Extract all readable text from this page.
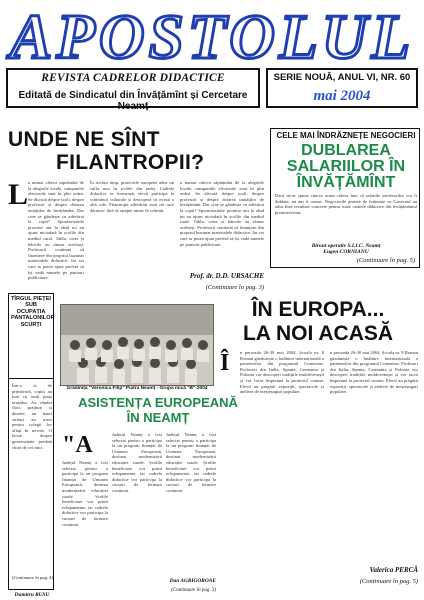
APOSTOLUL
REVISTA CADRELOR DIDACTICE
Editată de Sindicatul din Învățămînt și Cercetare Neamț
SERIE NOUĂ, ANUL VI, NR. 60
mai 2004
UNDE NE SÎNT
FILANTROPII?
L a numai câteva săptămâni de la alegerile locale, campaniile electorale sunt în plin avânt. Se discută despre școli, despre profesori și despre dotarea unităților de învățământ. Dar cine se gândește cu adevărat la copii? Sponsorizările promise ani la rând nu au ajuns niciodată în școlile din mediul rural. Tabla, creta și băncile au rămas aceleași. Profesorii continuă să finanțeze din propriul buzunar materialele didactice. Iar cei care ar putea ajuta preferă să își vadă numele pe panouri publicitare.

În același timp, proiectele europene aduc un suflu nou în școlile din județ. Cadrele didactice se formează, elevii participă la schimburi culturale și descoperă că există o altă cale. Filantropii adevărați sunt cei care dăruiesc fără să aștepte nimic în schimb.

a numai câteva săptămâni de la alegerile locale, campaniile electorale sunt în plin avânt. Se discută despre școli, despre profesori și despre dotarea unităților de învățământ. Dar cine se gândește cu adevărat la copii? Sponsorizările promise ani la rând nu au ajuns niciodată în școlile din mediul rural. Tabla, creta și băncile au rămas aceleași. Profesorii continuă să finanțeze din propriul buzunar materialele didactice. Iar cei care ar putea ajuta preferă să își vadă numele pe panouri publicitare.

Prof. dr. D.D. URSACHE
(Continuare în pag. 3)
CELE MAI ÎNDRĂZNEȚE NEGOCIERI
DUBLAREA SALARIILOR ÎN ÎNVĂȚĂMÎNT
Dacă ne-ar spune cineva acum câteva luni că salariile profesorilor vor fi dublate, nu am fi crezut. Negocierile purtate de federație cu Guvernul au adus însă rezultate concrete pentru toate cadrele didactice din învățământul preuniversitar.
Birout operativ S.I.I.C. Neamț
Eugen CORNIANU
(Continuare în pag. 5)
TÎRGUL PIEȚEI SUB OCUPAȚIA PANTALONILOR SCURȚI
Într-o zi de primăvară, copiii au luat cu asalt piața orașului. Au vândut flori, prăjituri și desene, iar banii strânși au mers pentru colegii lor aflați în nevoie. O lecție despre generozitate predată chiar de cei mici.
(Continuare în pag. 4)
Dumitru RUSU
Grădinița "Veronica Filip" Piatra Neamț - Grupa mică "B"-2004
ÎN EUROPA...
LA NOI ACASĂ
Î n perioada 26-30 mai 2004, Școala nr. 8 Roman găzduiește o întâlnire internațională a partenerilor din programul Comenius. Profesori din Italia, Spania, Germania și Polonia vor descoperi tradițiile moldovenești și vor lucra împreună la proiectul comun. Elevii au pregătit expoziții, spectacole și ateliere de meșteșuguri populare.

n perioada 26-30 mai 2004, Școala nr. 8 Roman găzduiește o întâlnire internațională a partenerilor din programul Comenius. Profesori din Italia, Spania, Germania și Polonia vor descoperi tradițiile moldovenești și vor lucra împreună la proiectul comun. Elevii au pregătit expoziții, spectacole și ateliere de meșteșuguri populare.

Valerica PERCĂ
(Continuare în pag. 5)
ASISTENȚA EUROPEANĂ
ÎN NEAMȚ
"A

Județul Neamț a fost selectat pentru a participa la un program finanțat de Uniunea Europeană, destinat modernizării educației rurale. Școlile beneficiare vor primi echipamente, iar cadrele didactice vor participa la cursuri de formare continuă.

Județul Neamț a fost selectat pentru a participa la un program finanțat de Uniunea Europeană, destinat modernizării educației rurale. Școlile beneficiare vor primi echipamente, iar cadrele didactice vor participa la cursuri de formare continuă.

Județul Neamț a fost selectat pentru a participa la un program finanțat de Uniunea Europeană, destinat modernizării educației rurale. Școlile beneficiare vor primi echipamente, iar cadrele didactice vor participa la cursuri de formare continuă.

Dan AGRIGOROAE
(Continuare în pag. 3)
